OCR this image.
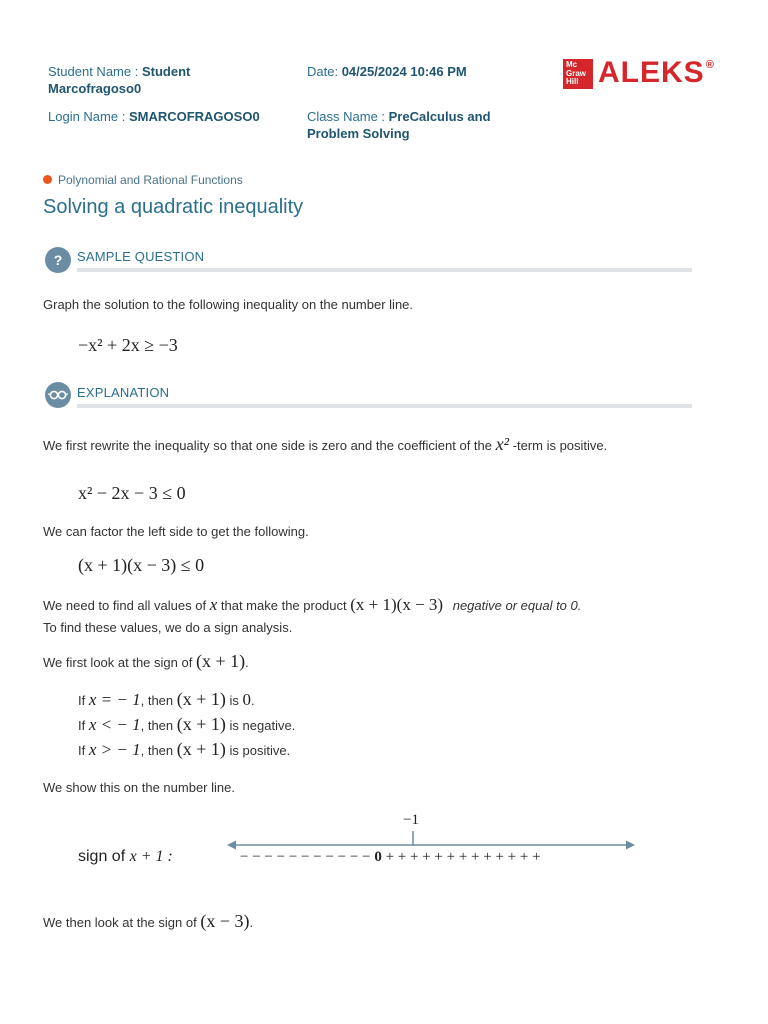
Student Name : Student
Marcofragoso0
Date: 04/25/2024 10:46 PM
Login Name : SMARCOFRAGOSO0	Class Name : PreCalculus and
Problem Solving
Mc
Graw
Hill ALEKS®
Polynomial and Rational Functions
Solving a quadratic inequality
?	SAMPLE QUESTION
Graph the solution to the following inequality on the number line.
−x² + 2x ≥ −3
EXPLANATION
We first rewrite the inequality so that one side is zero and the coefficient of the x² -term is positive.
x² − 2x − 3 ≤ 0
We can factor the left side to get the following.
(x + 1)(x − 3) ≤ 0
We need to find all values of x that make the product (x + 1)(x − 3) negative or equal to 0.
To find these values, we do a sign analysis.
We first look at the sign of (x + 1).
If x = − 1, then (x + 1) is 0.
If x < − 1, then (x + 1) is negative.
If x > − 1, then (x + 1) is positive.
We show this on the number line.
−1
sign of x + 1 :	− − − − − − − − − − − 0 + + + + + + + + + + + + +
We then look at the sign of (x − 3).
